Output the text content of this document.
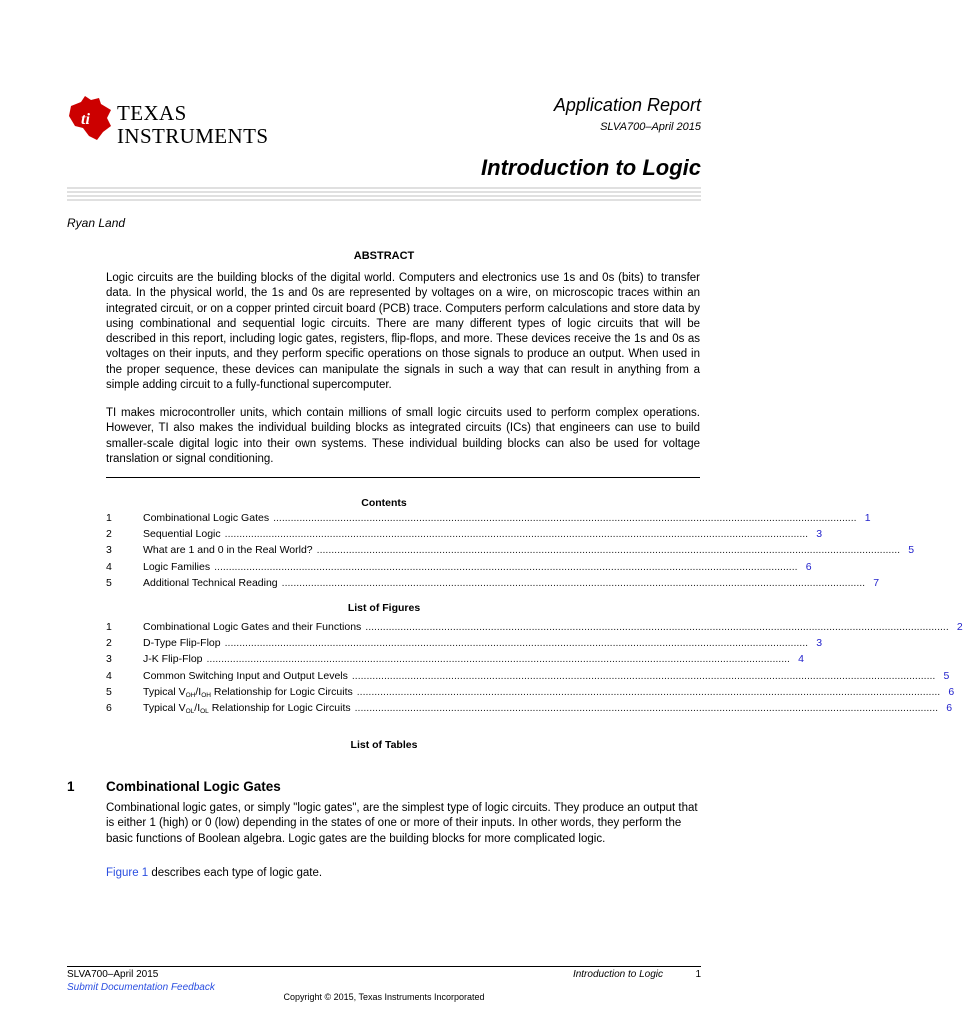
ti TEXAS
INSTRUMENTS
Application Report
SLVA700–April 2015
Introduction to Logic
Ryan Land
ABSTRACT
Logic circuits are the building blocks of the digital world. Computers and electronics use 1s and 0s (bits) to transfer data. In the physical world, the 1s and 0s are represented by voltages on a wire, on microscopic traces within an integrated circuit, or on a copper printed circuit board (PCB) trace. Computers perform calculations and store data by using combinational and sequential logic circuits. There are many different types of logic circuits that will be described in this report, including logic gates, registers, flip-flops, and more. These devices receive the 1s and 0s as voltages on their inputs, and they perform specific operations on those signals to produce an output. When used in the proper sequence, these devices can manipulate the signals in such a way that can result in anything from a simple adding circuit to a fully-functional supercomputer.
TI makes microcontroller units, which contain millions of small logic circuits used to perform complex operations. However, TI also makes the individual building blocks as integrated circuits (ICs) that engineers can use to build smaller-scale digital logic into their own systems. These individual building blocks can also be used for voltage translation or signal conditioning.
Contents
1	Combinational Logic Gates ........................................................................................................................................................................................................ 1
2	Sequential Logic ........................................................................................................................................................................................................ 3
3	What are 1 and 0 in the Real World? ........................................................................................................................................................................................................ 5
4	Logic Families ........................................................................................................................................................................................................ 6
5	Additional Technical Reading ........................................................................................................................................................................................................ 7
List of Figures
1	Combinational Logic Gates and their Functions ........................................................................................................................................................................................................ 2
2	D-Type Flip-Flop ........................................................................................................................................................................................................ 3
3	J-K Flip-Flop ........................................................................................................................................................................................................ 4
4	Common Switching Input and Output Levels ........................................................................................................................................................................................................ 5
5	Typical $V_{OH}/I_{OH}$ Relationship for Logic Circuits ........................................................................................................................................................................................................ 6
6	Typical $V_{OL}/I_{OL}$ Relationship for Logic Circuits ........................................................................................................................................................................................................ 6
List of Tables
1 Combinational Logic Gates
Combinational logic gates, or simply "logic gates", are the simplest type of logic circuits. They produce an output that is either 1 (high) or 0 (low) depending in the states of one or more of their inputs. In other words, they perform the basic functions of Boolean algebra. Logic gates are the building blocks for more complicated logic.
Figure 1 describes each type of logic gate.
SLVA700–April 2015
Submit Documentation Feedback
Introduction to Logic	1
Copyright © 2015, Texas Instruments Incorporated
